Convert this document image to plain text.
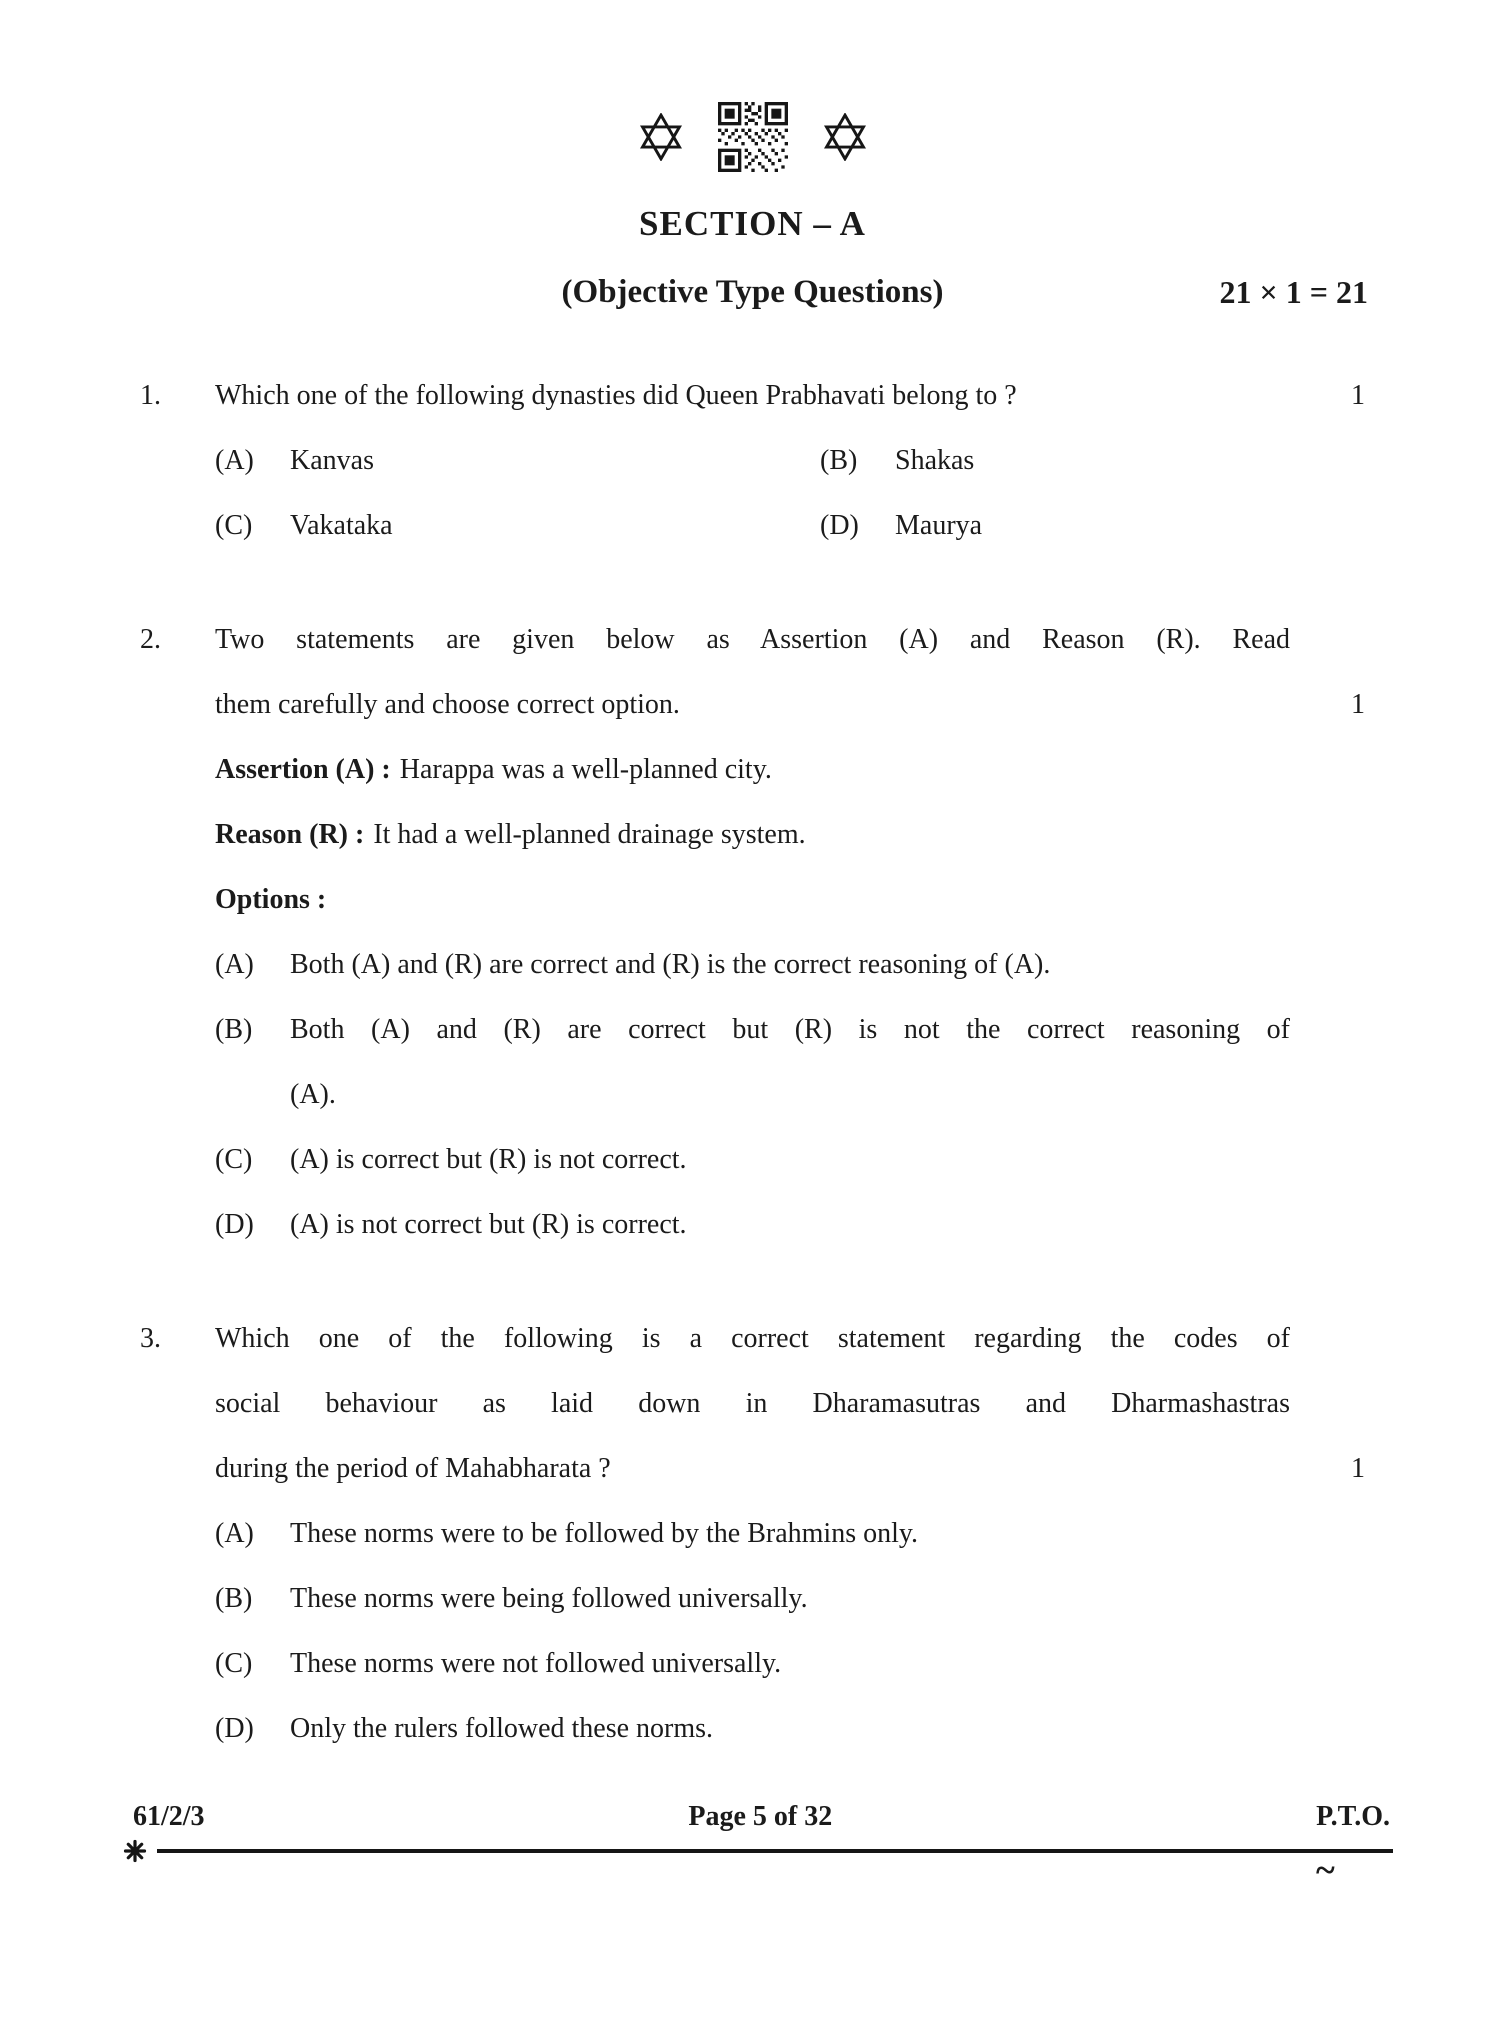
SECTION – A
(Objective Type Questions)	21 × 1 = 21
1.	Which one of the following dynasties did Queen Prabhavati belong to ?	1
(A)	Kanvas	(B)	Shakas
(C)	Vakataka	(D)	Maurya
2.	Two statements are given below as Assertion (A) and Reason (R). Read
them carefully and choose correct option.	1
Assertion (A) : Harappa was a well-planned city.
Reason (R) : It had a well-planned drainage system.
Options :
(A)	Both (A) and (R) are correct and (R) is the correct reasoning of (A).
(B)	Both (A) and (R) are correct but (R) is not the correct reasoning of
(A).
(C)	(A) is correct but (R) is not correct.
(D)	(A) is not correct but (R) is correct.
3.	Which one of the following is a correct statement regarding the codes of
social behaviour as laid down in Dharamasutras and Dharmashastras
during the period of Mahabharata ?	1
(A)	These norms were to be followed by the Brahmins only.
(B)	These norms were being followed universally.
(C)	These norms were not followed universally.
(D)	Only the rulers followed these norms.
61/2/3	Page 5 of 32	P.T.O.
~
